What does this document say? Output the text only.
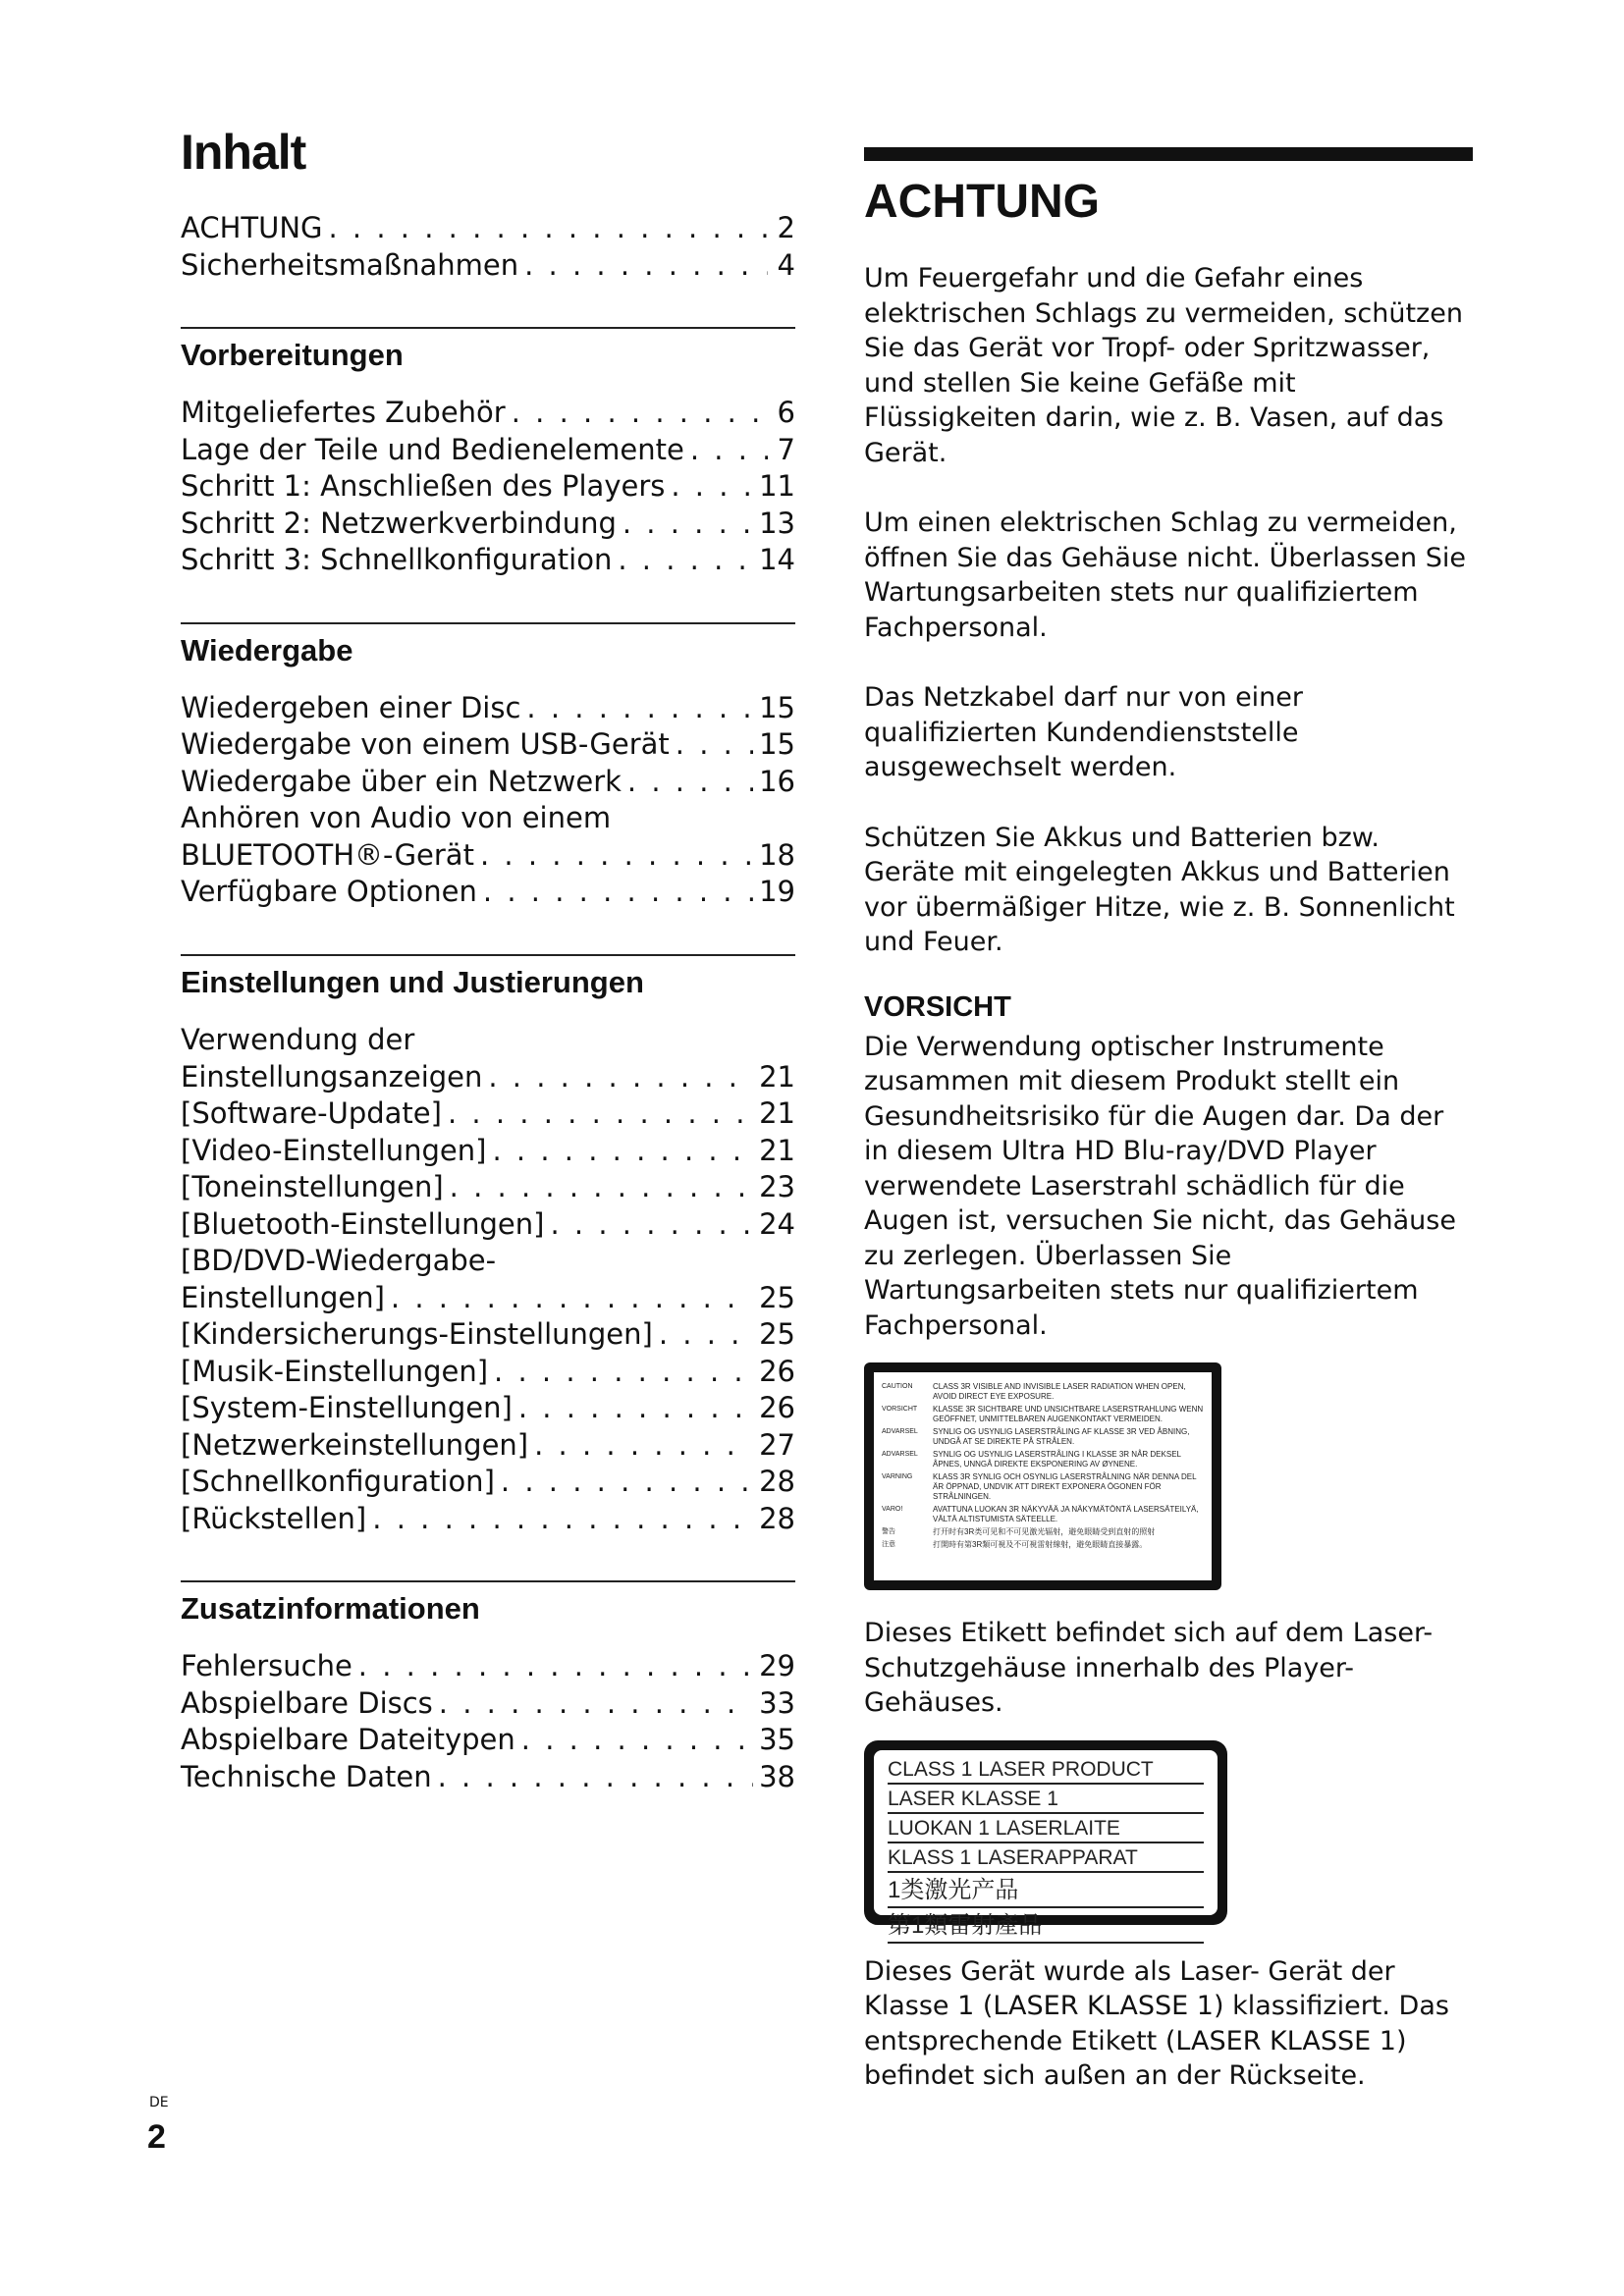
Inhalt
ACHTUNG . . .	2
Sicherheitsmaßnahmen . . .	4
Vorbereitungen
Mitgeliefertes Zubehör . . .	6
Lage der Teile und Bedienelemente . . .	7
Schritt 1: Anschließen des Players . . .	11
Schritt 2: Netzwerkverbindung . . .	13
Schritt 3: Schnellkonfiguration . . .	14
Wiedergabe
Wiedergeben einer Disc . . .	15
Wiedergabe von einem USB-Gerät . . .	15
Wiedergabe über ein Netzwerk . . .	16
Anhören von Audio von einem
BLUETOOTH®-Gerät . . .	18
Verfügbare Optionen . . .	19
Einstellungen und Justierungen
Verwendung der
Einstellungsanzeigen . . .	21
[Software-Update] . . .	21
[Video-Einstellungen] . . .	21
[Toneinstellungen] . . .	23
[Bluetooth-Einstellungen] . . .	24
[BD/DVD-Wiedergabe-
Einstellungen] . . .	25
[Kindersicherungs-Einstellungen] . . .	25
[Musik-Einstellungen] . . .	26
[System-Einstellungen] . . .	26
[Netzwerkeinstellungen] . . .	27
[Schnellkonfiguration] . . .	28
[Rückstellen] . . .	28
Zusatzinformationen
Fehlersuche . . .	29
Abspielbare Discs . . .	33
Abspielbare Dateitypen . . .	35
Technische Daten . . .	38
ACHTUNG

Um Feuergefahr und die Gefahr eines elektrischen Schlags zu vermeiden, schützen Sie das Gerät vor Tropf- oder Spritzwasser, und stellen Sie keine Gefäße mit Flüssigkeiten darin, wie z. B. Vasen, auf das Gerät.

Um einen elektrischen Schlag zu vermeiden, öffnen Sie das Gehäuse nicht. Überlassen Sie Wartungsarbeiten stets nur qualifiziertem Fachpersonal.

Das Netzkabel darf nur von einer qualifizierten Kundendienststelle ausgewechselt werden.

Schützen Sie Akkus und Batterien bzw. Geräte mit eingelegten Akkus und Batterien vor übermäßiger Hitze, wie z. B. Sonnenlicht und Feuer.

VORSICHT

Die Verwendung optischer Instrumente zusammen mit diesem Produkt stellt ein Gesundheitsrisiko für die Augen dar. Da der in diesem Ultra HD Blu-ray/DVD Player verwendete Laserstrahl schädlich für die Augen ist, versuchen Sie nicht, das Gehäuse zu zerlegen. Überlassen Sie Wartungsarbeiten stets nur qualifiziertem Fachpersonal.

CAUTION	CLASS 3R VISIBLE AND INVISIBLE LASER RADIATION WHEN OPEN, AVOID DIRECT EYE EXPOSURE.
VORSICHT	KLASSE 3R SICHTBARE UND UNSICHTBARE LASERSTRAHLUNG WENN GEÖFFNET, UNMITTELBAREN AUGENKONTAKT VERMEIDEN.
ADVARSEL	SYNLIG OG USYNLIG LASERSTRÅLING AF KLASSE 3R VED ÅBNING, UNDGÅ AT SE DIREKTE PÅ STRÅLEN.
ADVARSEL	SYNLIG OG USYNLIG LASERSTRÅLING I KLASSE 3R NÅR DEKSEL ÅPNES, UNNGÅ DIREKTE EKSPONERING AV ØYNENE.
VARNING	KLASS 3R SYNLIG OCH OSYNLIG LASERSTRÅLNING NÄR DENNA DEL ÄR ÖPPNAD, UNDVIK ATT DIREKT EXPONERA ÖGONEN FÖR STRÅLNINGEN.
VARO!	AVATTUNA LUOKAN 3R NÄKYVÄÄ JA NÄKYMÄTÖNTÄ LASERSÄTEILYÄ, VÄLTÄ ALTISTUMISTA SÄTEELLE.
警告	打开时有3R类可见和不可见激光辐射，避免眼睛受到直射的照射
注意	打開時有第3R類可視及不可視雷射線射，避免眼睛直接暴露。

Dieses Etikett befindet sich auf dem Laser-Schutzgehäuse innerhalb des Player-Gehäuses.

CLASS 1 LASER PRODUCT
LASER KLASSE 1
LUOKAN 1 LASERLAITE
KLASS 1 LASERAPPARAT
1类激光产品
第1類雷射產品

Dieses Gerät wurde als Laser- Gerät der Klasse 1 (LASER KLASSE 1) klassifiziert. Das entsprechende Etikett (LASER KLASSE 1) befindet sich außen an der Rückseite.

DE
2
